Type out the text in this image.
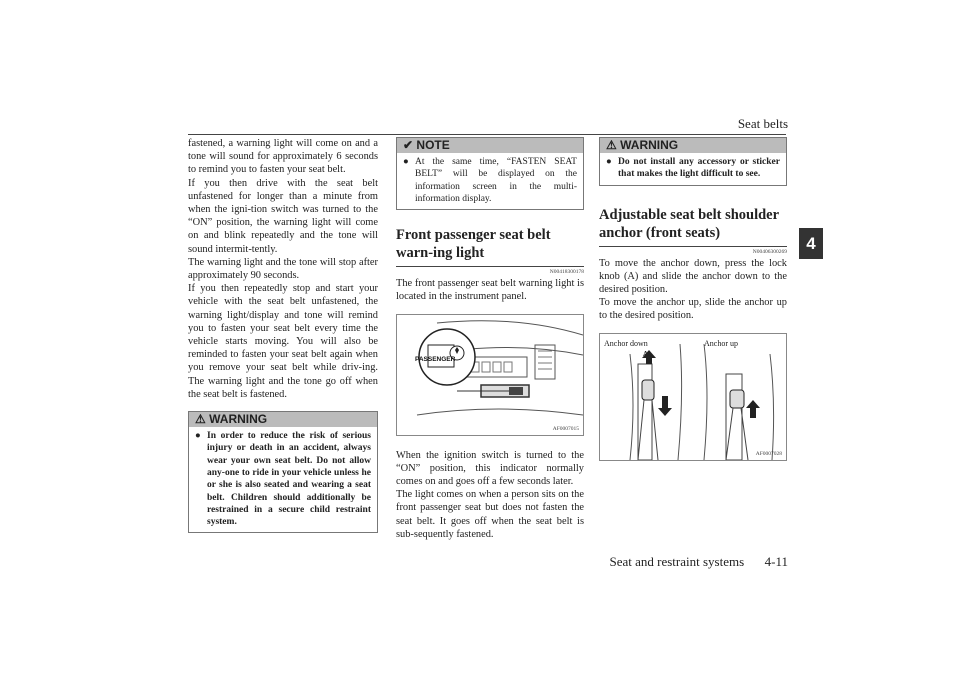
Seat belts
4
fastened, a warning light will come on and a tone will sound for approximately 6 seconds to remind you to fasten your seat belt.
If you then drive with the seat belt unfastened for longer than a minute from when the igni-tion switch was turned to the “ON” position, the warning light will come on and blink repeatedly and the tone will sound intermit-tently.
The warning light and the tone will stop after approximately 90 seconds.
If you then repeatedly stop and start your vehicle with the seat belt unfastened, the warning light/display and tone will remind you to fasten your seat belt every time the vehicle starts moving. You will also be reminded to fasten your seat belt again when you remove your seat belt while driv-ing. The warning light and the tone go off when the seat belt is fastened.
⚠ WARNING
● In order to reduce the risk of serious injury or death in an accident, always wear your own seat belt. Do not allow any-one to ride in your vehicle unless he or she is also seated and wearing a seat belt. Children should additionally be restrained in a secure child restraint system.
✔ NOTE
● At the same time, “FASTEN SEAT BELT” will be displayed on the information screen in the multi-information display.
Front passenger seat belt warn-ing light
N00418300178
The front passenger seat belt warning light is located in the instrument panel.
PASSENGER
AF0007015
When the ignition switch is turned to the “ON” position, this indicator normally comes on and goes off a few seconds later.
The light comes on when a person sits on the front passenger seat but does not fasten the seat belt. It goes off when the seat belt is sub-sequently fastened.
⚠ WARNING
● Do not install any accessory or sticker that makes the light difficult to see.
Adjustable seat belt shoulder anchor (front seats)
N00406300269
To move the anchor down, press the lock knob (A) and slide the anchor down to the desired position.
To move the anchor up, slide the anchor up to the desired position.
Anchor down	Anchor up
A
AF0007028
Seat and restraint systems 4-11
